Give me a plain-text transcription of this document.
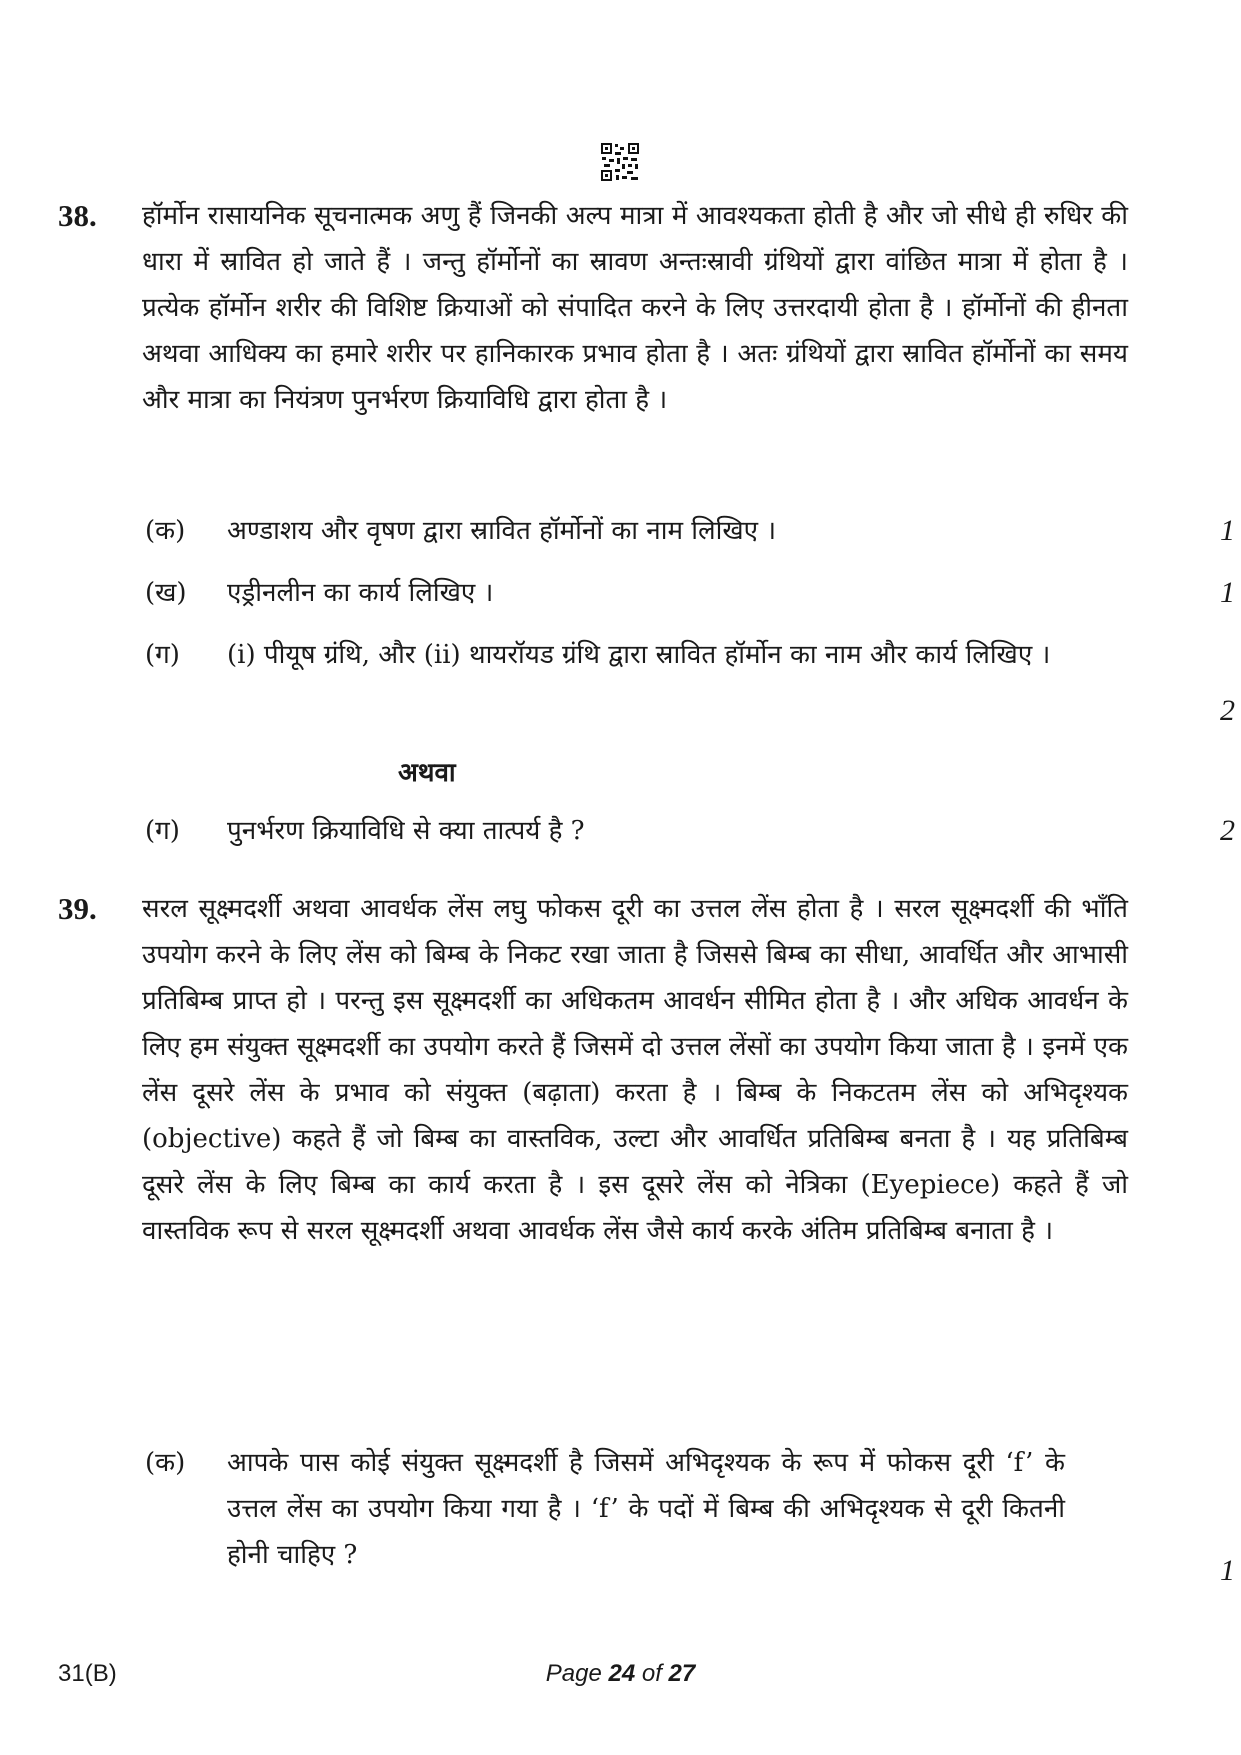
38. हॉर्मोन रासायनिक सूचनात्मक अणु हैं जिनकी अल्प मात्रा में आवश्यकता होती है और जो सीधे ही रुधिर की धारा में स्रावित हो जाते हैं । जन्तु हॉर्मोनों का स्रावण अन्तःस्रावी ग्रंथियों द्वारा वांछित मात्रा में होता है । प्रत्येक हॉर्मोन शरीर की विशिष्ट क्रियाओं को संपादित करने के लिए उत्तरदायी होता है । हॉर्मोनों की हीनता अथवा आधिक्य का हमारे शरीर पर हानिकारक प्रभाव होता है । अतः ग्रंथियों द्वारा स्रावित हॉर्मोनों का समय और मात्रा का नियंत्रण पुनर्भरण क्रियाविधि द्वारा होता है ।
(क) अण्डाशय और वृषण द्वारा स्रावित हॉर्मोनों का नाम लिखिए ।	1
(ख) एड्रीनलीन का कार्य लिखिए ।	1
(ग) (i) पीयूष ग्रंथि, और (ii) थायरॉयड ग्रंथि द्वारा स्रावित हॉर्मोन का नाम और कार्य लिखिए ।
2
अथवा
(ग) पुनर्भरण क्रियाविधि से क्या तात्पर्य है ?	2
39. सरल सूक्ष्मदर्शी अथवा आवर्धक लेंस लघु फोकस दूरी का उत्तल लेंस होता है । सरल सूक्ष्मदर्शी की भाँति उपयोग करने के लिए लेंस को बिम्ब के निकट रखा जाता है जिससे बिम्ब का सीधा, आवर्धित और आभासी प्रतिबिम्ब प्राप्त हो । परन्तु इस सूक्ष्मदर्शी का अधिकतम आवर्धन सीमित होता है । और अधिक आवर्धन के लिए हम संयुक्त सूक्ष्मदर्शी का उपयोग करते हैं जिसमें दो उत्तल लेंसों का उपयोग किया जाता है । इनमें एक लेंस दूसरे लेंस के प्रभाव को संयुक्त (बढ़ाता) करता है । बिम्ब के निकटतम लेंस को अभिदृश्यक (objective) कहते हैं जो बिम्ब का वास्तविक, उल्टा और आवर्धित प्रतिबिम्ब बनता है । यह प्रतिबिम्ब दूसरे लेंस के लिए बिम्ब का कार्य करता है । इस दूसरे लेंस को नेत्रिका (Eyepiece) कहते हैं जो वास्तविक रूप से सरल सूक्ष्मदर्शी अथवा आवर्धक लेंस जैसे कार्य करके अंतिम प्रतिबिम्ब बनाता है ।
(क) आपके पास कोई संयुक्त सूक्ष्मदर्शी है जिसमें अभिदृश्यक के रूप में फोकस दूरी ‘f’ के उत्तल लेंस का उपयोग किया गया है । ‘f’ के पदों में बिम्ब की अभिदृश्यक से दूरी कितनी होनी चाहिए ?	1
31(B)	Page 24 of 27
